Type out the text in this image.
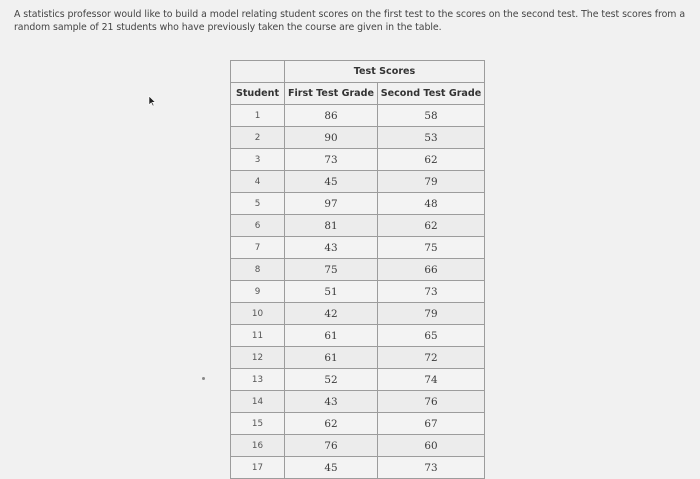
A statistics professor would like to build a model relating student scores on the first test to the scores on the second test. The test scores from a random sample of 21 students who have previously taken the course are given in the table.
	Test Scores	
Student	First Test Grade	Second Test Grade
1	86	58
2	90	53
3	73	62
4	45	79
5	97	48
6	81	62
7	43	75
8	75	66
9	51	73
10	42	79
11	61	65
12	61	72
13	52	74
14	43	76
15	62	67
16	76	60
17	45	73
